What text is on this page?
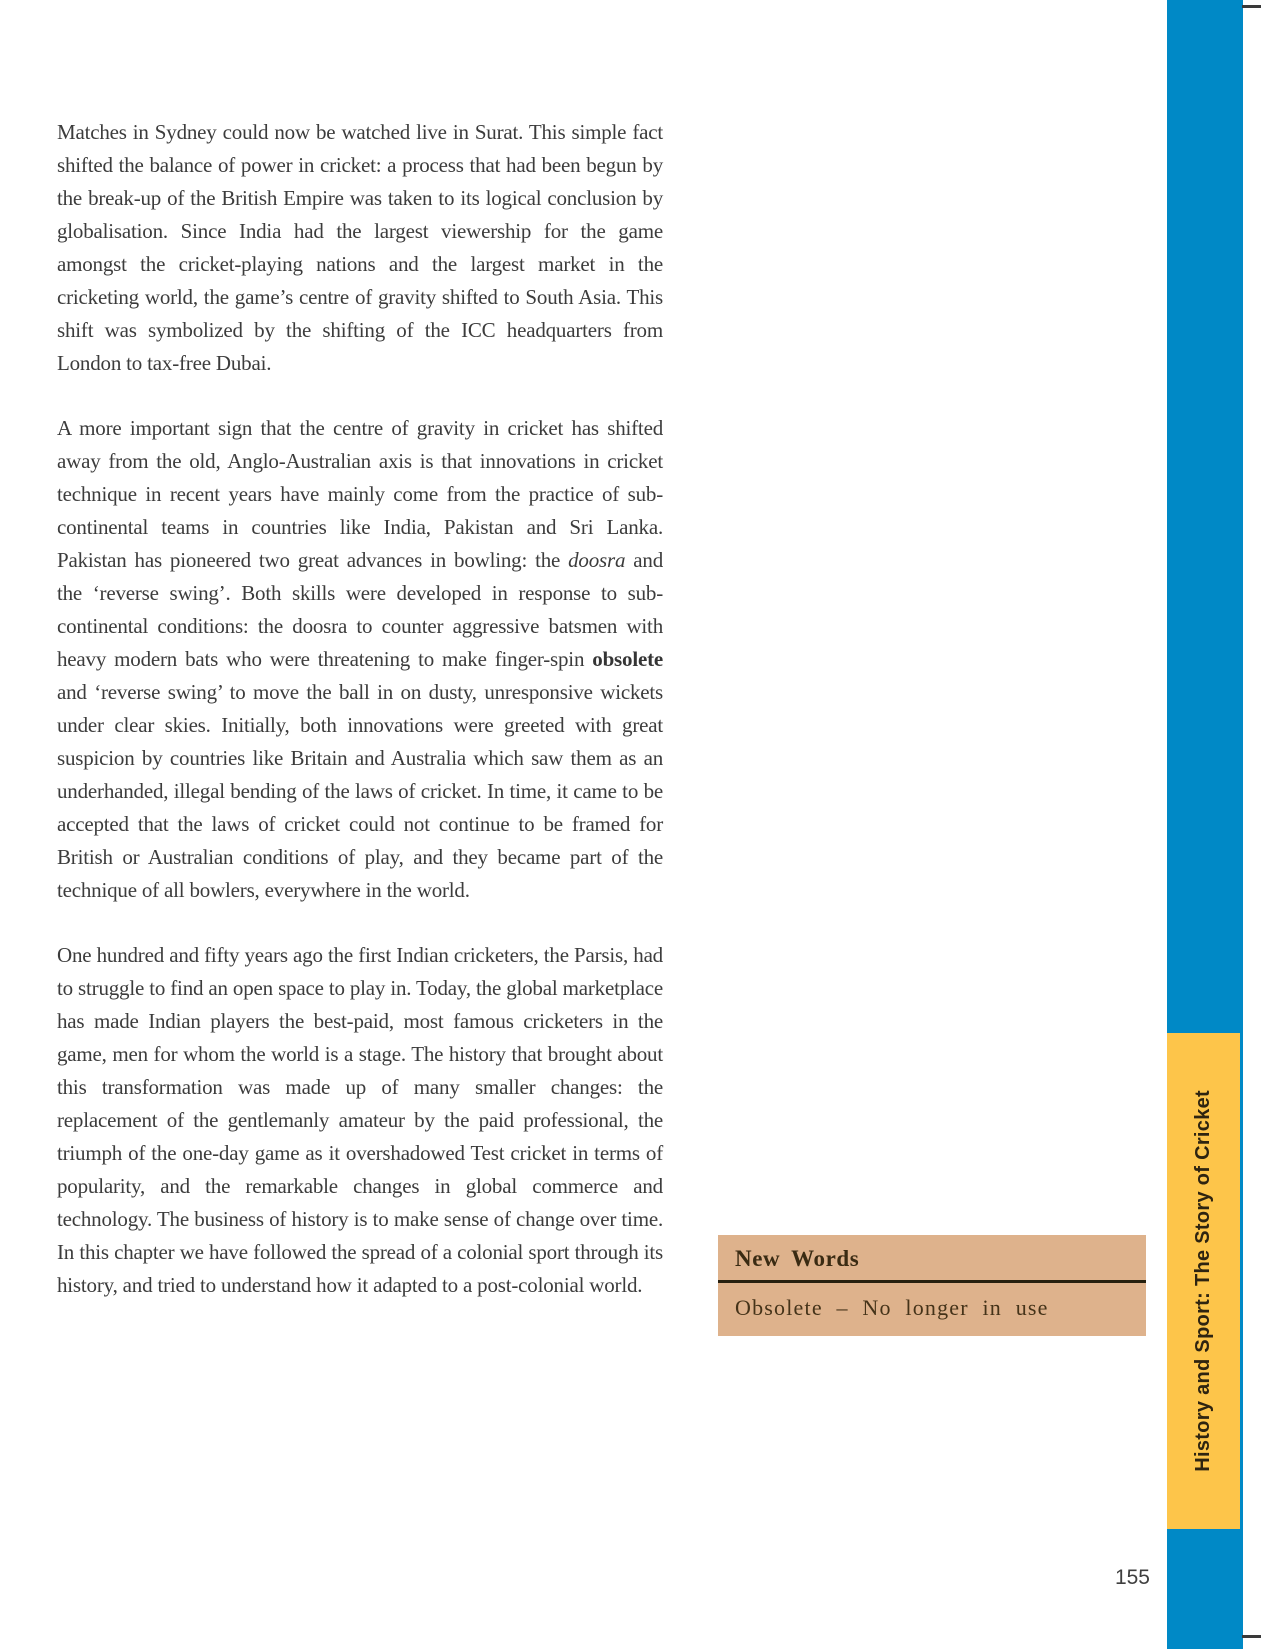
History and Sport: The Story of Cricket

Matches in Sydney could now be watched live in Surat. This simple fact shifted the balance of power in cricket: a process that had been begun by the break-up of the British Empire was taken to its logical conclusion by globalisation. Since India had the largest viewership for the game amongst the cricket-playing nations and the largest market in the cricketing world, the game’s centre of gravity shifted to South Asia. This shift was symbolized by the shifting of the ICC headquarters from London to tax-free Dubai.

A more important sign that the centre of gravity in cricket has shifted away from the old, Anglo-Australian axis is that innovations in cricket technique in recent years have mainly come from the practice of sub-continental teams in countries like India, Pakistan and Sri Lanka. Pakistan has pioneered two great advances in bowling: the doosra and the ‘reverse swing’. Both skills were developed in response to sub-continental conditions: the doosra to counter aggressive batsmen with heavy modern bats who were threatening to make finger-spin obsolete and ‘reverse swing’ to move the ball in on dusty, unresponsive wickets under clear skies. Initially, both innovations were greeted with great suspicion by countries like Britain and Australia which saw them as an underhanded, illegal bending of the laws of cricket. In time, it came to be accepted that the laws of cricket could not continue to be framed for British or Australian conditions of play, and they became part of the technique of all bowlers, everywhere in the world.

One hundred and fifty years ago the first Indian cricketers, the Parsis, had to struggle to find an open space to play in. Today, the global marketplace has made Indian players the best-paid, most famous cricketers in the game, men for whom the world is a stage. The history that brought about this transformation was made up of many smaller changes: the replacement of the gentlemanly amateur by the paid professional, the triumph of the one-day game as it overshadowed Test cricket in terms of popularity, and the remarkable changes in global commerce and technology. The business of history is to make sense of change over time. In this chapter we have followed the spread of a colonial sport through its history, and tried to understand how it adapted to a post-colonial world.

New Words

Obsolete – No longer in use

155
